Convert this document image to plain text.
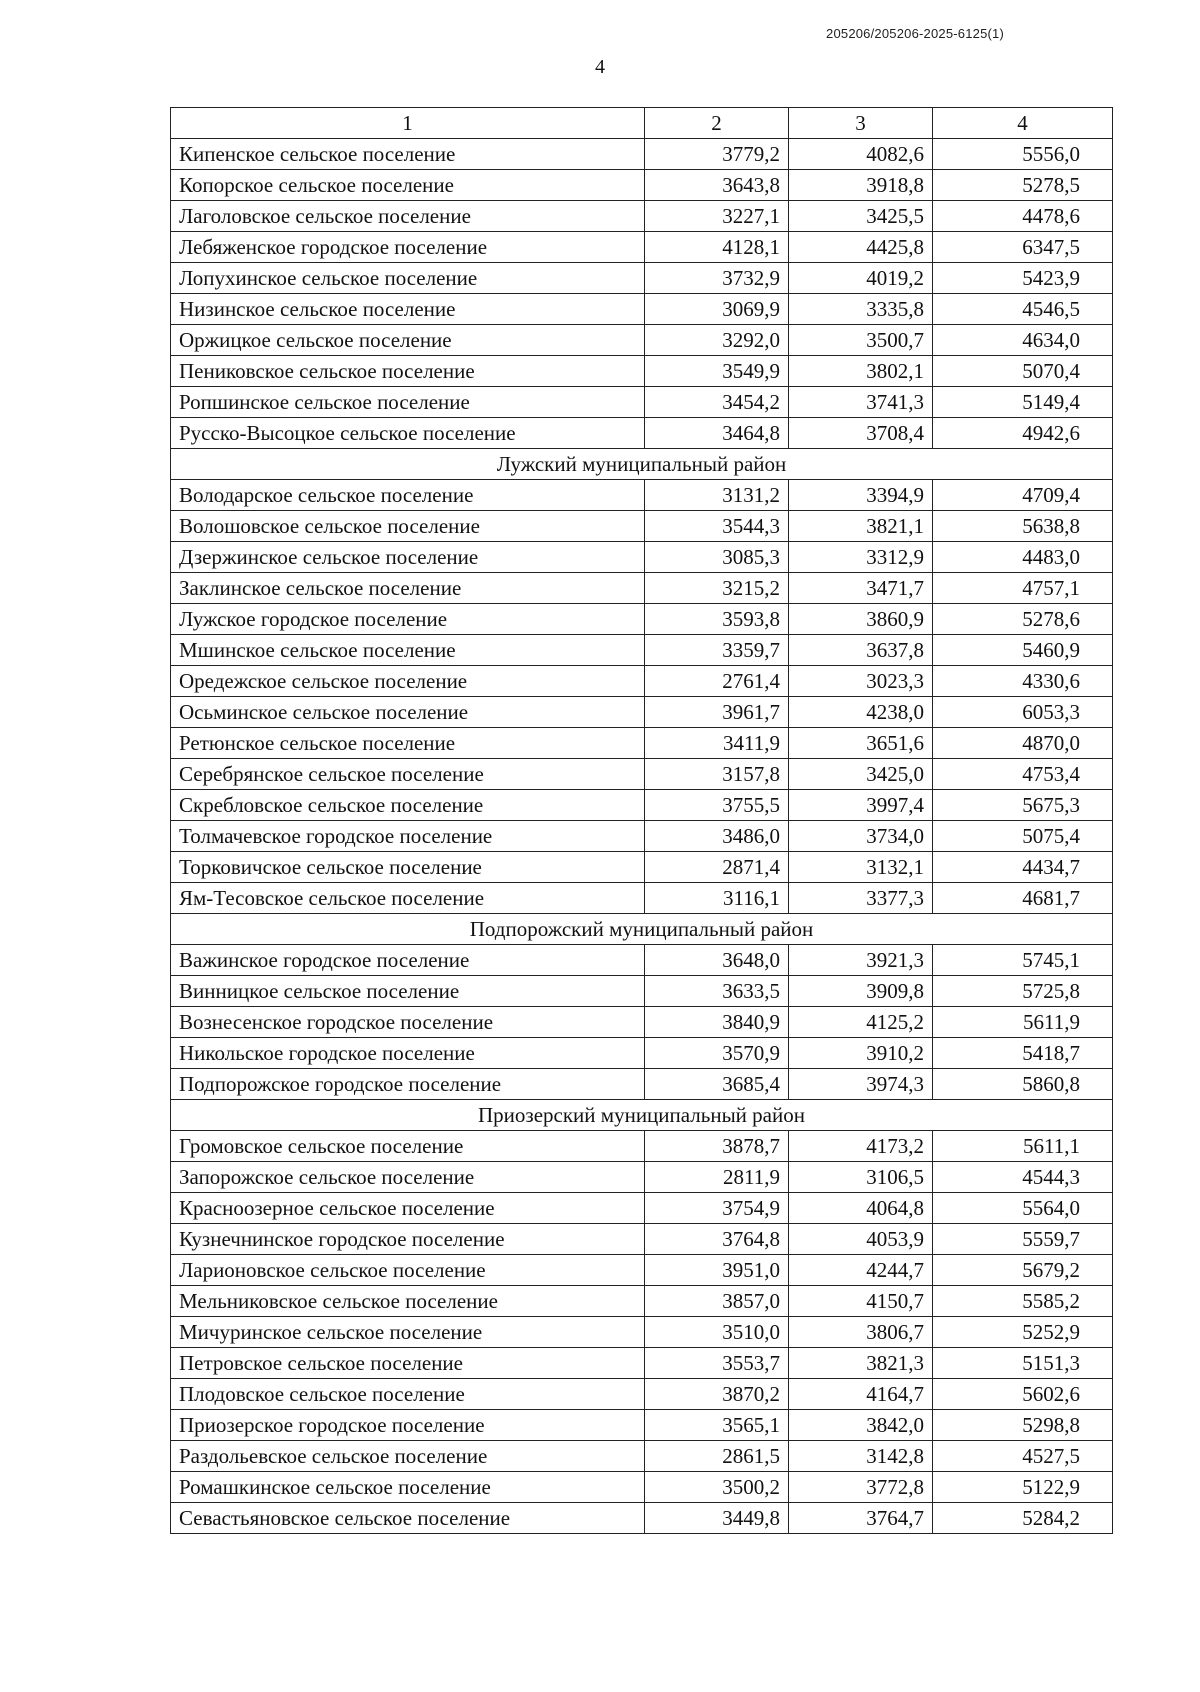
205206/205206-2025-6125(1)
4
1	2	3	4
Кипенское сельское поселение	3779,2	4082,6	5556,0
Копорское сельское поселение	3643,8	3918,8	5278,5
Лаголовское сельское поселение	3227,1	3425,5	4478,6
Лебяженское городское поселение	4128,1	4425,8	6347,5
Лопухинское сельское поселение	3732,9	4019,2	5423,9
Низинское сельское поселение	3069,9	3335,8	4546,5
Оржицкое сельское поселение	3292,0	3500,7	4634,0
Пениковское сельское поселение	3549,9	3802,1	5070,4
Ропшинское сельское поселение	3454,2	3741,3	5149,4
Русско-Высоцкое сельское поселение	3464,8	3708,4	4942,6
Лужский муниципальный район			
Володарское сельское поселение	3131,2	3394,9	4709,4
Волошовское сельское поселение	3544,3	3821,1	5638,8
Дзержинское сельское поселение	3085,3	3312,9	4483,0
Заклинское сельское поселение	3215,2	3471,7	4757,1
Лужское городское поселение	3593,8	3860,9	5278,6
Мшинское сельское поселение	3359,7	3637,8	5460,9
Оредежское сельское поселение	2761,4	3023,3	4330,6
Осьминское сельское поселение	3961,7	4238,0	6053,3
Ретюнское сельское поселение	3411,9	3651,6	4870,0
Серебрянское сельское поселение	3157,8	3425,0	4753,4
Скребловское сельское поселение	3755,5	3997,4	5675,3
Толмачевское городское поселение	3486,0	3734,0	5075,4
Торковичское сельское поселение	2871,4	3132,1	4434,7
Ям-Тесовское сельское поселение	3116,1	3377,3	4681,7
Подпорожский муниципальный район			
Важинское городское поселение	3648,0	3921,3	5745,1
Винницкое сельское поселение	3633,5	3909,8	5725,8
Вознесенское городское поселение	3840,9	4125,2	5611,9
Никольское городское поселение	3570,9	3910,2	5418,7
Подпорожское городское поселение	3685,4	3974,3	5860,8
Приозерский муниципальный район			
Громовское сельское поселение	3878,7	4173,2	5611,1
Запорожское сельское поселение	2811,9	3106,5	4544,3
Красноозерное сельское поселение	3754,9	4064,8	5564,0
Кузнечнинское городское поселение	3764,8	4053,9	5559,7
Ларионовское сельское поселение	3951,0	4244,7	5679,2
Мельниковское сельское поселение	3857,0	4150,7	5585,2
Мичуринское сельское поселение	3510,0	3806,7	5252,9
Петровское сельское поселение	3553,7	3821,3	5151,3
Плодовское сельское поселение	3870,2	4164,7	5602,6
Приозерское городское поселение	3565,1	3842,0	5298,8
Раздольевское сельское поселение	2861,5	3142,8	4527,5
Ромашкинское сельское поселение	3500,2	3772,8	5122,9
Севастьяновское сельское поселение	3449,8	3764,7	5284,2
